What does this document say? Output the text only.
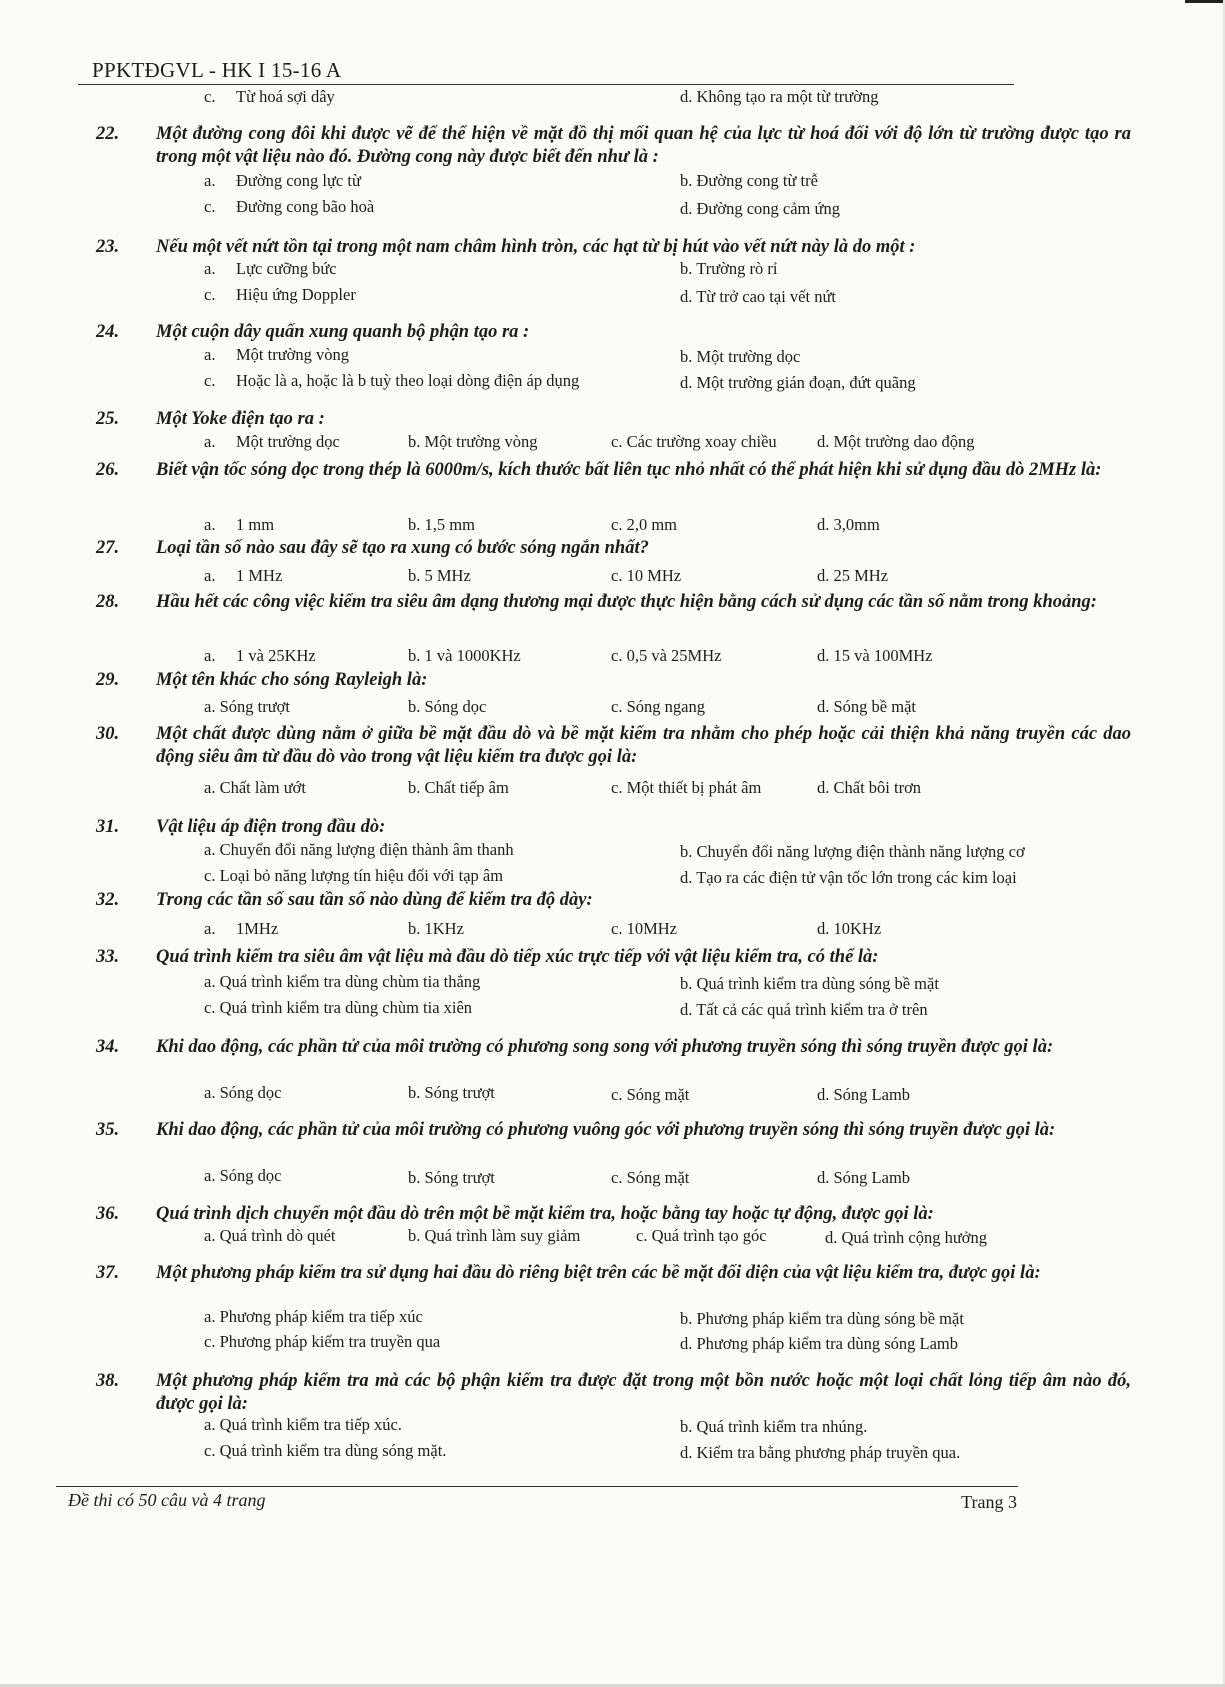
PPKTĐGVL - HK I 15-16 A
c. Từ hoá sợi dây	d. Không tạo ra một từ trường
22. Một đường cong đôi khi được vẽ để thể hiện về mặt đồ thị mối quan hệ của lực từ hoá đối với độ lớn từ trường được tạo ra trong một vật liệu nào đó. Đường cong này được biết đến như là :
a. Đường cong lực từ	b. Đường cong từ trễ
c. Đường cong bão hoà	d. Đường cong cảm ứng
23. Nếu một vết nứt tồn tại trong một nam châm hình tròn, các hạt từ bị hút vào vết nứt này là do một :
a. Lực cưỡng bức	b. Trường rò rỉ
c. Hiệu ứng Doppler	d. Từ trở cao tại vết nứt
24. Một cuộn dây quấn xung quanh bộ phận tạo ra :
a. Một trường vòng	b. Một trường dọc
c. Hoặc là a, hoặc là b tuỳ theo loại dòng điện áp dụng	d. Một trường gián đoạn, đứt quãng
25. Một Yoke điện tạo ra :
a. Một trường dọc	b. Một trường vòng	c. Các trường xoay chiều d. Một trường dao động
26. Biết vận tốc sóng dọc trong thép là 6000m/s, kích thước bất liên tục nhỏ nhất có thể phát hiện khi sử dụng đầu dò 2MHz là:
a. 1 mm	b. 1,5 mm	c. 2,0 mm	d. 3,0mm
27. Loại tần số nào sau đây sẽ tạo ra xung có bước sóng ngắn nhất?
a. 1 MHz	b. 5 MHz	c. 10 MHz	d. 25 MHz
28. Hầu hết các công việc kiểm tra siêu âm dạng thương mại được thực hiện bằng cách sử dụng các tần số nằm trong khoảng:
a. 1 và 25KHz	b. 1 và 1000KHz	c. 0,5 và 25MHz	d. 15 và 100MHz
29. Một tên khác cho sóng Rayleigh là:
a. Sóng trượt	b. Sóng dọc	c. Sóng ngang	d. Sóng bề mặt
30. Một chất được dùng nằm ở giữa bề mặt đầu dò và bề mặt kiểm tra nhằm cho phép hoặc cải thiện khả năng truyền các dao động siêu âm từ đầu dò vào trong vật liệu kiểm tra được gọi là:
a. Chất làm ướt	b. Chất tiếp âm	c. Một thiết bị phát âm	d. Chất bôi trơn
31. Vật liệu áp điện trong đầu dò:
a. Chuyển đổi năng lượng điện thành âm thanh	b. Chuyển đổi năng lượng điện thành năng lượng cơ
c. Loại bỏ năng lượng tín hiệu đối với tạp âm	d. Tạo ra các điện tử vận tốc lớn trong các kim loại
32. Trong các tần số sau tần số nào dùng để kiểm tra độ dày:
a. 1MHz	b. 1KHz	c. 10MHz	d. 10KHz
33. Quá trình kiểm tra siêu âm vật liệu mà đầu dò tiếp xúc trực tiếp với vật liệu kiểm tra, có thể là:
a. Quá trình kiểm tra dùng chùm tia thẳng	b. Quá trình kiểm tra dùng sóng bề mặt
c. Quá trình kiểm tra dùng chùm tia xiên	d. Tất cả các quá trình kiểm tra ở trên
34. Khi dao động, các phần tử của môi trường có phương song song với phương truyền sóng thì sóng truyền được gọi là:
a. Sóng dọc	b. Sóng trượt	c. Sóng mặt	d. Sóng Lamb
35. Khi dao động, các phần tử của môi trường có phương vuông góc với phương truyền sóng thì sóng truyền được gọi là:
a. Sóng dọc	b. Sóng trượt	c. Sóng mặt	d. Sóng Lamb
36. Quá trình dịch chuyển một đầu dò trên một bề mặt kiểm tra, hoặc bằng tay hoặc tự động, được gọi là:
a. Quá trình dò quét	b. Quá trình làm suy giảm	c. Quá trình tạo góc	d. Quá trình cộng hưởng
37. Một phương pháp kiểm tra sử dụng hai đầu dò riêng biệt trên các bề mặt đối diện của vật liệu kiểm tra, được gọi là:
a. Phương pháp kiểm tra tiếp xúc	b. Phương pháp kiểm tra dùng sóng bề mặt
c. Phương pháp kiểm tra truyền qua	d. Phương pháp kiểm tra dùng sóng Lamb
38. Một phương pháp kiểm tra mà các bộ phận kiểm tra được đặt trong một bồn nước hoặc một loại chất lỏng tiếp âm nào đó, được gọi là:
a. Quá trình kiểm tra tiếp xúc.	b. Quá trình kiểm tra nhúng.
c. Quá trình kiểm tra dùng sóng mặt.	d. Kiểm tra bằng phương pháp truyền qua.
Đề thi có 50 câu và 4 trang	Trang 3
